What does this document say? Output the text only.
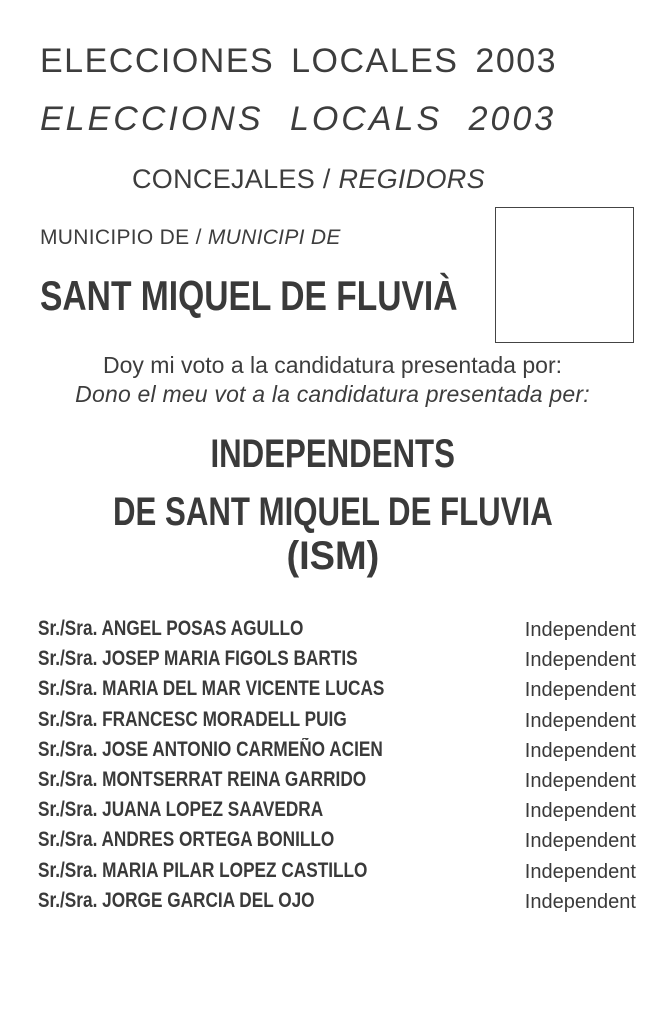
ELECCIONES LOCALES 2003
ELECCIONS LOCALS 2003
CONCEJALES / REGIDORS
MUNICIPIO DE / MUNICIPI DE
SANT MIQUEL DE FLUVIÀ
Doy mi voto a la candidatura presentada por:
Dono el meu vot a la candidatura presentada per:
INDEPENDENTS
DE SANT MIQUEL DE FLUVIA
(ISM)
Sr./Sra. ANGEL POSAS AGULLO	Independent
Sr./Sra. JOSEP MARIA FIGOLS BARTIS	Independent
Sr./Sra. MARIA DEL MAR VICENTE LUCAS	Independent
Sr./Sra. FRANCESC MORADELL PUIG	Independent
Sr./Sra. JOSE ANTONIO CARMEÑO ACIEN	Independent
Sr./Sra. MONTSERRAT REINA GARRIDO	Independent
Sr./Sra. JUANA LOPEZ SAAVEDRA	Independent
Sr./Sra. ANDRES ORTEGA BONILLO	Independent
Sr./Sra. MARIA PILAR LOPEZ CASTILLO	Independent
Sr./Sra. JORGE GARCIA DEL OJO	Independent
